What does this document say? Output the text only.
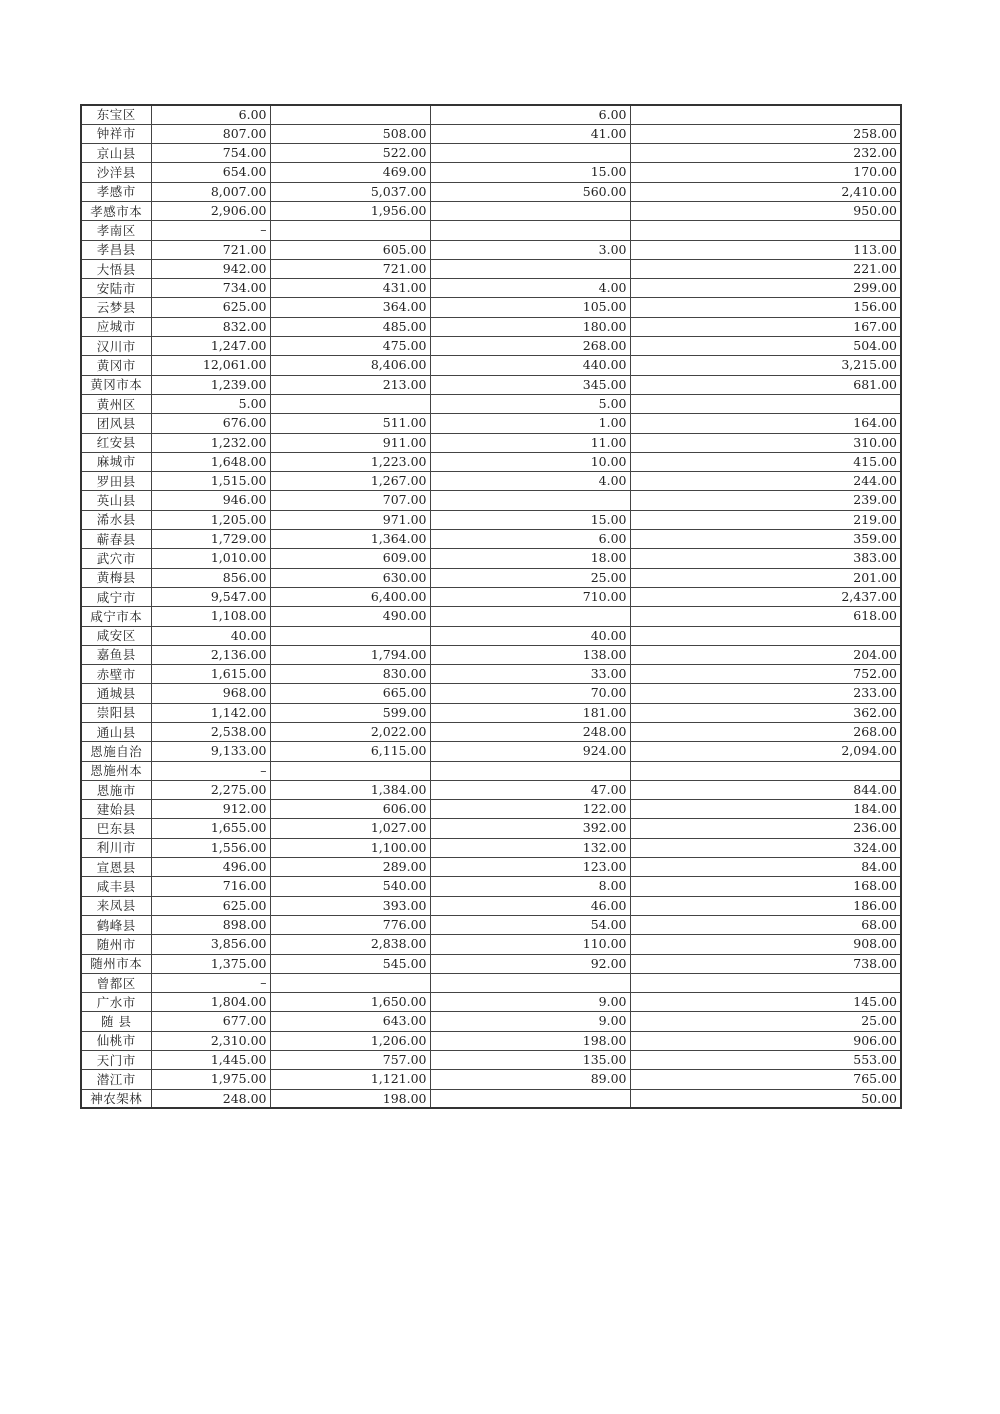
东宝区	6.00		6.00	
钟祥市	807.00	508.00	41.00	258.00
京山县	754.00	522.00		232.00
沙洋县	654.00	469.00	15.00	170.00
孝感市	8,007.00	5,037.00	560.00	2,410.00
孝感市本	2,906.00	1,956.00		950.00
孝南区	–			
孝昌县	721.00	605.00	3.00	113.00
大悟县	942.00	721.00		221.00
安陆市	734.00	431.00	4.00	299.00
云梦县	625.00	364.00	105.00	156.00
应城市	832.00	485.00	180.00	167.00
汉川市	1,247.00	475.00	268.00	504.00
黄冈市	12,061.00	8,406.00	440.00	3,215.00
黄冈市本	1,239.00	213.00	345.00	681.00
黄州区	5.00		5.00	
团风县	676.00	511.00	1.00	164.00
红安县	1,232.00	911.00	11.00	310.00
麻城市	1,648.00	1,223.00	10.00	415.00
罗田县	1,515.00	1,267.00	4.00	244.00
英山县	946.00	707.00		239.00
浠水县	1,205.00	971.00	15.00	219.00
蕲春县	1,729.00	1,364.00	6.00	359.00
武穴市	1,010.00	609.00	18.00	383.00
黄梅县	856.00	630.00	25.00	201.00
咸宁市	9,547.00	6,400.00	710.00	2,437.00
咸宁市本	1,108.00	490.00		618.00
咸安区	40.00		40.00	
嘉鱼县	2,136.00	1,794.00	138.00	204.00
赤壁市	1,615.00	830.00	33.00	752.00
通城县	968.00	665.00	70.00	233.00
崇阳县	1,142.00	599.00	181.00	362.00
通山县	2,538.00	2,022.00	248.00	268.00
恩施自治	9,133.00	6,115.00	924.00	2,094.00
恩施州本	–			
恩施市	2,275.00	1,384.00	47.00	844.00
建始县	912.00	606.00	122.00	184.00
巴东县	1,655.00	1,027.00	392.00	236.00
利川市	1,556.00	1,100.00	132.00	324.00
宣恩县	496.00	289.00	123.00	84.00
咸丰县	716.00	540.00	8.00	168.00
来凤县	625.00	393.00	46.00	186.00
鹤峰县	898.00	776.00	54.00	68.00
随州市	3,856.00	2,838.00	110.00	908.00
随州市本	1,375.00	545.00	92.00	738.00
曾都区	–			
广水市	1,804.00	1,650.00	9.00	145.00
随 县	677.00	643.00	9.00	25.00
仙桃市	2,310.00	1,206.00	198.00	906.00
天门市	1,445.00	757.00	135.00	553.00
潜江市	1,975.00	1,121.00	89.00	765.00
神农架林	248.00	198.00		50.00
